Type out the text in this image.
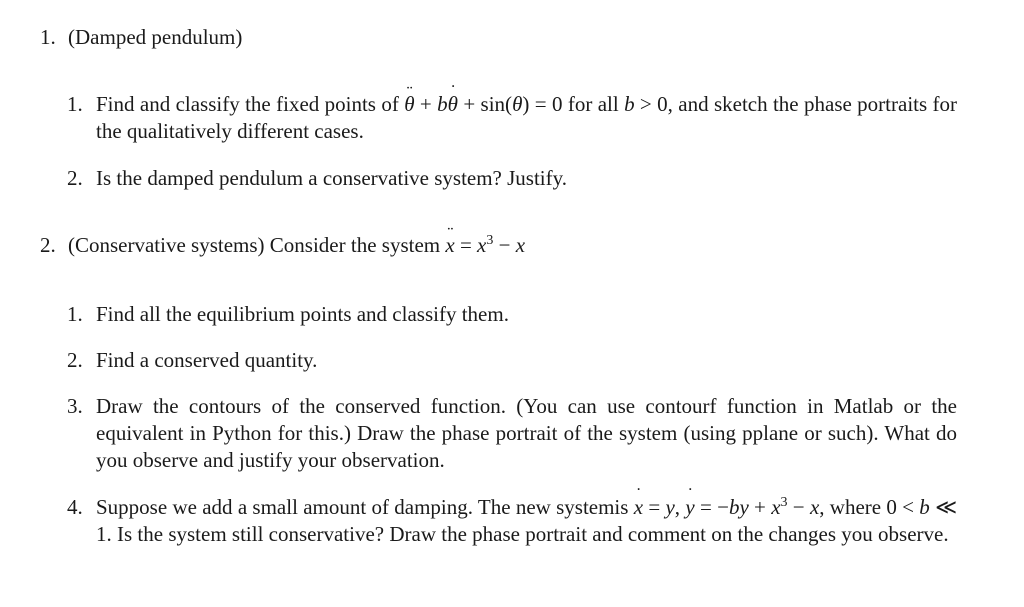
1. (Damped pendulum)
1. Find and classify the fixed points of ¨ θ + b˙ θ + sin(θ) = 0 for all b > 0, and sketch the phase portraits for the qualitatively different cases.
2. Is the damped pendulum a conservative system? Justify.
2. (Conservative systems) Consider the system ¨ $x = x^3 - x$
1. Find all the equilibrium points and classify them.
2. Find a conserved quantity.
3. Draw the contours of the conserved function. (You can use contourf function in Matlab or the equivalent in Python for this.) Draw the phase portrait of the system (using pplane or such). What do you observe and justify your observation.
4. Suppose we add a small amount of damping. The new systemis ˙ x = y, ˙ $y = -by + x^3 - x$, where 0 < b ≪ 1. Is the system still conservative? Draw the phase portrait and comment on the changes you observe.
